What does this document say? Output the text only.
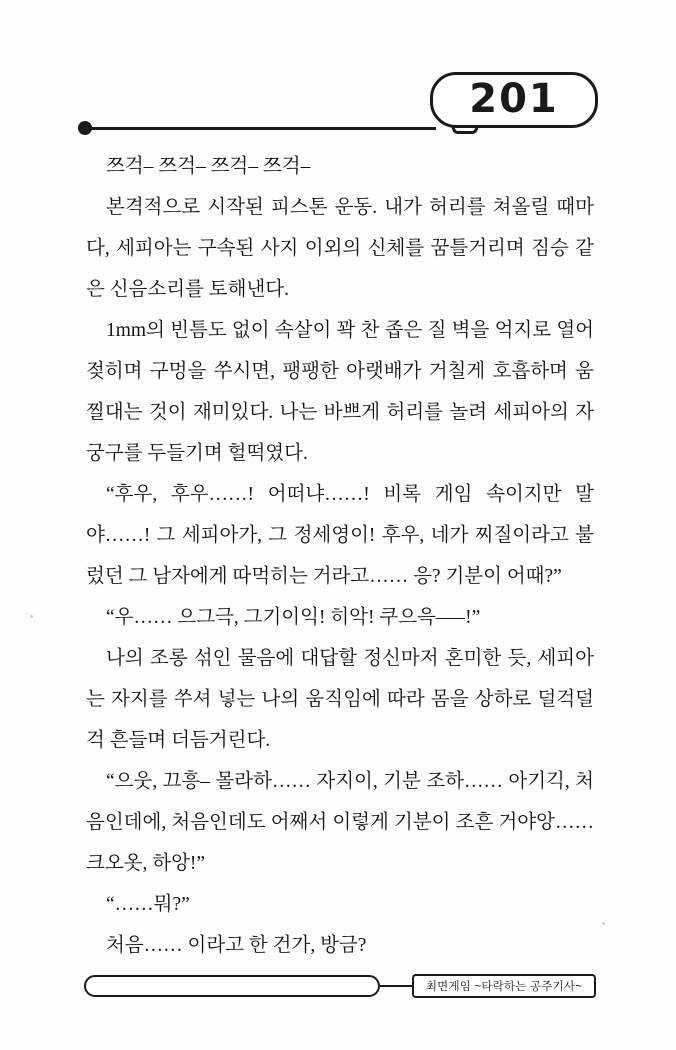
201

쯔걱– 쯔걱– 쯔걱– 쯔걱–

본격적으로 시작된 피스톤 운동. 내가 허리를 쳐올릴 때마다, 세피아는 구속된 사지 이외의 신체를 꿈틀거리며 짐승 같은 신음소리를 토해낸다.

1mm의 빈틈도 없이 속살이 꽉 찬 좁은 질 벽을 억지로 열어젖히며 구멍을 쑤시면, 팽팽한 아랫배가 거칠게 호흡하며 움찔대는 것이 재미있다. 나는 바쁘게 허리를 놀려 세피아의 자궁구를 두들기며 헐떡였다.

“후우, 후우……! 어떠냐……! 비록 게임 속이지만 말야……! 그 세피아가, 그 정세영이! 후우, 네가 찌질이라고 불렀던 그 남자에게 따먹히는 거라고…… 응? 기분이 어때?”

“우…… 으그극, 그기이익! 히악! 쿠으윽–––!”

나의 조롱 섞인 물음에 대답할 정신마저 혼미한 듯, 세피아는 자지를 쑤셔 넣는 나의 움직임에 따라 몸을 상하로 덜걱덜걱 흔들며 더듬거린다.

“으웃, 끄흥– 몰라하…… 자지이, 기분 조하…… 아기긱, 처음인데에, 처음인데도 어째서 이렇게 기분이 조흔 거야앙…… 크오옷, 하앙!”

“……뭐?”

처음…… 이라고 한 건가, 방금?

최면게임 ~타락하는 공주기사~
